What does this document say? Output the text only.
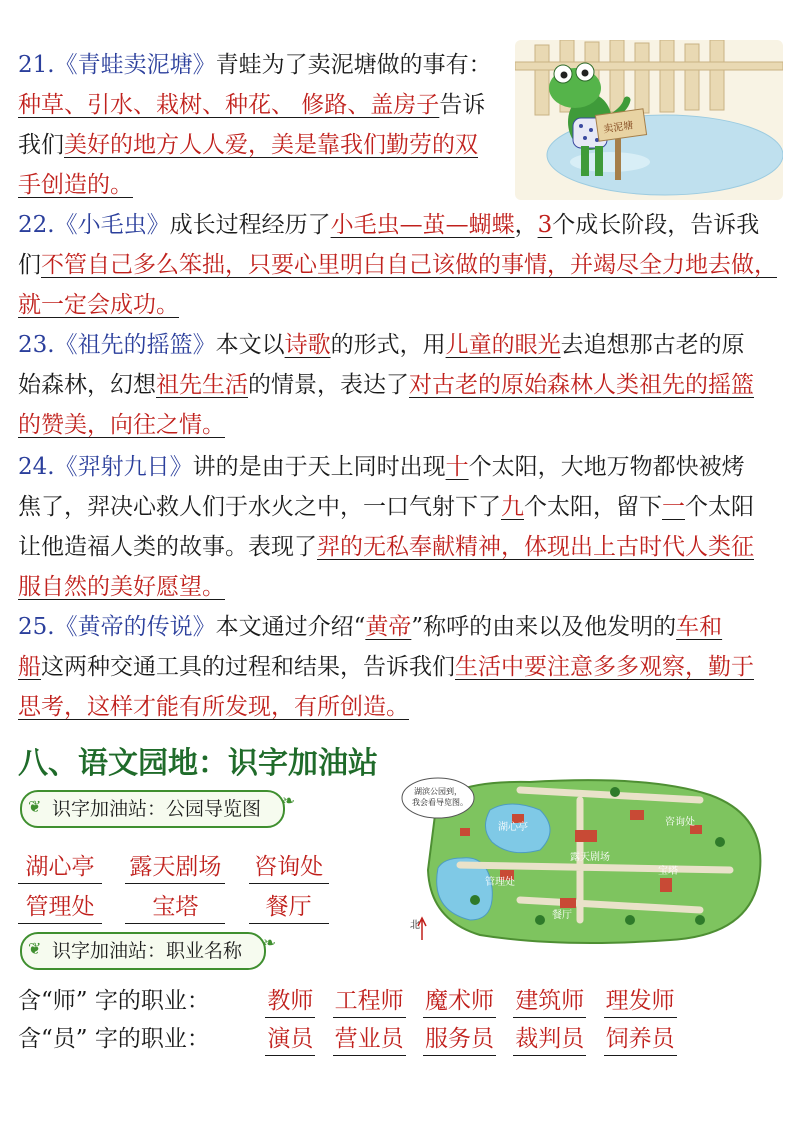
21.《青蛙卖泥塘》青蛙为了卖泥塘做的事有：
种草、引水、栽树、种花、 修路、盖房子告诉
我们美好的地方人人爱，美是靠我们勤劳的双
手创造的。
22.《小毛虫》成长过程经历了小毛虫—茧—蝴蝶，3个成长阶段，告诉我
们不管自己多么笨拙，只要心里明白自己该做的事情，并竭尽全力地去做，
就一定会成功。
23.《祖先的摇篮》本文以诗歌的形式，用儿童的眼光去追想那古老的原
始森林，幻想祖先生活的情景，表达了对古老的原始森林人类祖先的摇篮
的赞美，向往之情。
24.《羿射九日》讲的是由于天上同时出现十个太阳，大地万物都快被烤
焦了，羿决心救人们于水火之中，一口气射下了九个太阳，留下一个太阳
让他造福人类的故事。表现了羿的无私奉献精神，体现出上古时代人类征
服自然的美好愿望。
25.《黄帝的传说》本文通过介绍“黄帝”称呼的由来以及他发明的车和
船这两种交通工具的过程和结果，告诉我们生活中要注意多多观察，勤于
思考，这样才能有所发现，有所创造。
卖泥塘
八、语文园地：识字加油站
❦ 识字加油站：公园导览图 ❧
湖心亭 露天剧场 咨询处
管理处	宝塔	餐厅
❦ 识字加油站：职业名称 ❧
含“师” 字的职业： 教师 工程师 魔术师 建筑师 理发师
含“员” 字的职业： 演员 营业员 服务员 裁判员 饲养员
湖滨公园到，
我会看导览图。
湖心亭
露天剧场
咨询处
管理处
宝塔
餐厅
北
